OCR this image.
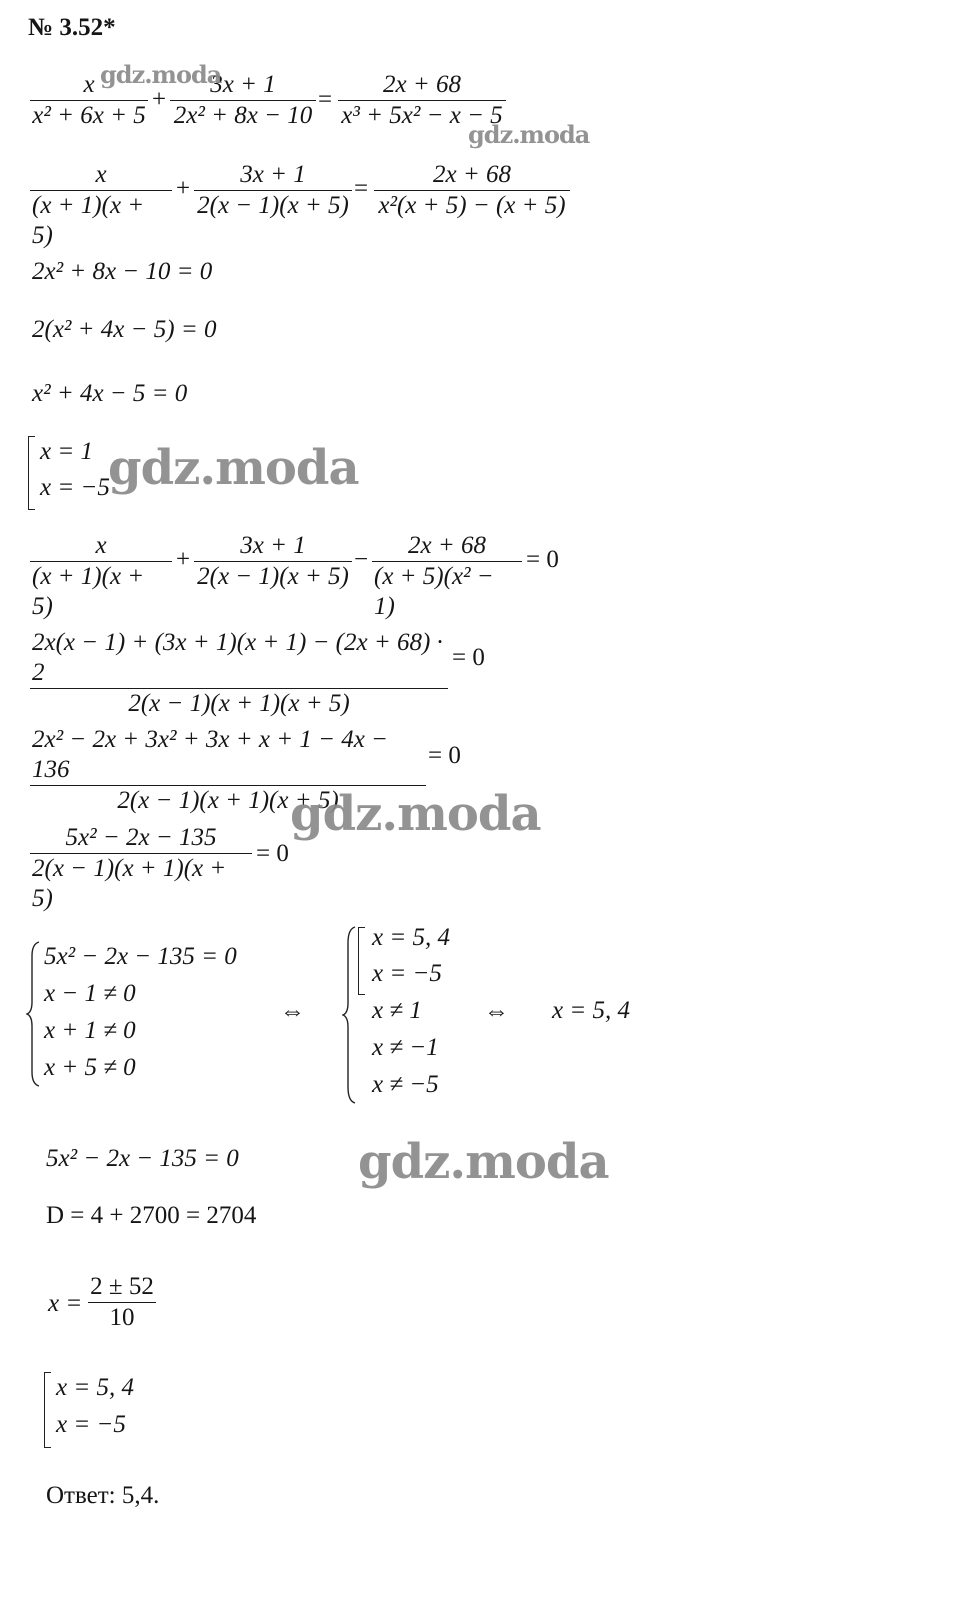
№ 3.52*
x
x² + 6x + 5
+
3x + 1
2x² + 8x − 10
=
2x + 68
x³ + 5x² − x − 5
x
(x + 1)(x + 5)
+
3x + 1
2(x − 1)(x + 5)
=
2x + 68
x²(x + 5) − (x + 5)
2x² + 8x − 10 = 0
2(x² + 4x − 5) = 0
x² + 4x − 5 = 0
x = 1
x = −5
x
(x + 1)(x + 5)
+
3x + 1
2(x − 1)(x + 5)
−
2x + 68
(x + 5)(x² − 1)
= 0
2x(x − 1) + (3x + 1)(x + 1) − (2x + 68) · 2
2(x − 1)(x + 1)(x + 5)
= 0
2x² − 2x + 3x² + 3x + x + 1 − 4x − 136
2(x − 1)(x + 1)(x + 5)
= 0
5x² − 2x − 135
2(x − 1)(x + 1)(x + 5)
= 0
5x² − 2x − 135 = 0
x − 1 ≠ 0
x + 1 ≠ 0
x + 5 ≠ 0
⇔
x = 5, 4
x = −5
x ≠ 1
x ≠ −1
x ≠ −5
⇔ x = 5, 4
5x² − 2x − 135 = 0
D = 4 + 2700 = 2704
x =
2 ± 52
10
x = 5, 4
x = −5
Ответ: 5,4.
gdz.moda
gdz.moda
gdz.moda
gdz.moda
gdz.moda
